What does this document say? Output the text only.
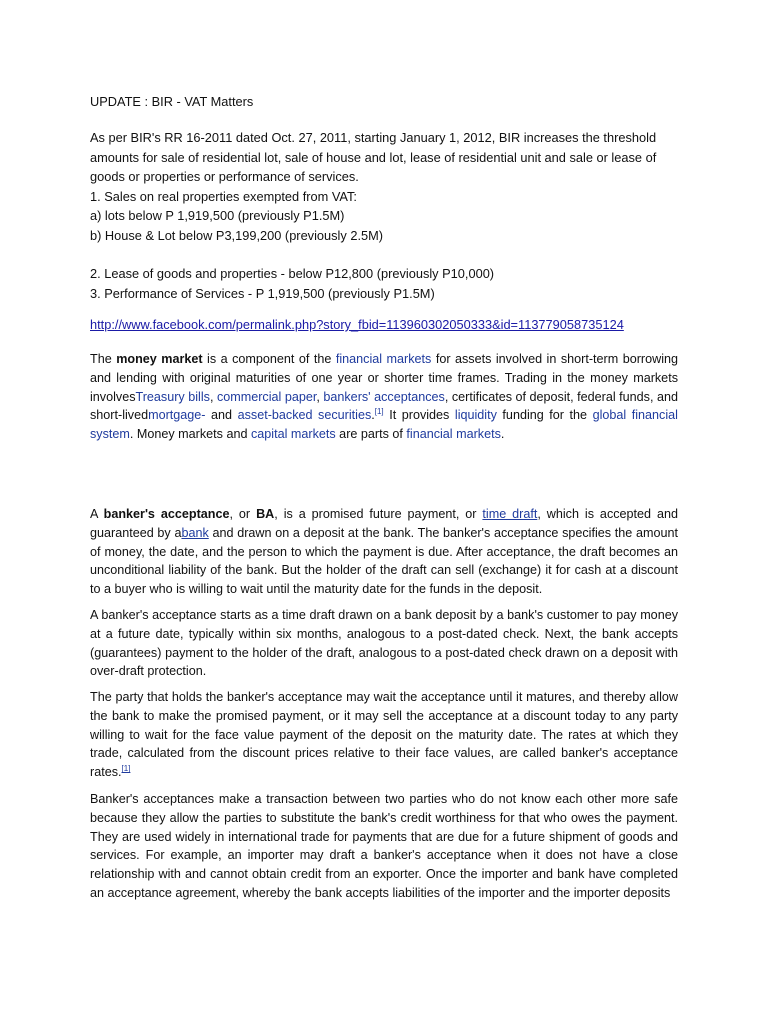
UPDATE : BIR - VAT Matters

As per BIR's RR 16-2011 dated Oct. 27, 2011, starting January 1, 2012, BIR increases the threshold

amounts for sale of residential lot, sale of house and lot, lease of residential unit and sale or lease of

goods or properties or performance of services.

1. Sales on real properties exempted from VAT:

a) lots below P 1,919,500 (previously P1.5M)

b) House & Lot below P3,199,200 (previously 2.5M)

2. Lease of goods and properties - below P12,800 (previously P10,000)

3. Performance of Services - P 1,919,500 (previously P1.5M)

http://www.facebook.com/permalink.php?story_fbid=113960302050333&id=113779058735124

The money market is a component of the financial markets for assets involved in short-term borrowing and lending with original maturities of one year or shorter time frames. Trading in the money markets involvesTreasury bills, commercial paper, bankers' acceptances, certificates of deposit, federal funds, and short-livedmortgage- and asset-backed securities.[1] It provides liquidity funding for the global financial system. Money markets and capital markets are parts of financial markets.

A banker's acceptance, or BA, is a promised future payment, or time draft, which is accepted and guaranteed by abank and drawn on a deposit at the bank. The banker's acceptance specifies the amount of money, the date, and the person to which the payment is due. After acceptance, the draft becomes an unconditional liability of the bank. But the holder of the draft can sell (exchange) it for cash at a discount to a buyer who is willing to wait until the maturity date for the funds in the deposit.

A banker's acceptance starts as a time draft drawn on a bank deposit by a bank's customer to pay money at a future date, typically within six months, analogous to a post-dated check. Next, the bank accepts (guarantees) payment to the holder of the draft, analogous to a post-dated check drawn on a deposit with over-draft protection.

The party that holds the banker's acceptance may wait the acceptance until it matures, and thereby allow the bank to make the promised payment, or it may sell the acceptance at a discount today to any party willing to wait for the face value payment of the deposit on the maturity date. The rates at which they trade, calculated from the discount prices relative to their face values, are called banker's acceptance rates.[1]

Banker's acceptances make a transaction between two parties who do not know each other more safe because they allow the parties to substitute the bank's credit worthiness for that who owes the payment. They are used widely in international trade for payments that are due for a future shipment of goods and services. For example, an importer may draft a banker's acceptance when it does not have a close relationship with and cannot obtain credit from an exporter. Once the importer and bank have completed an acceptance agreement, whereby the bank accepts liabilities of the importer and the importer deposits
